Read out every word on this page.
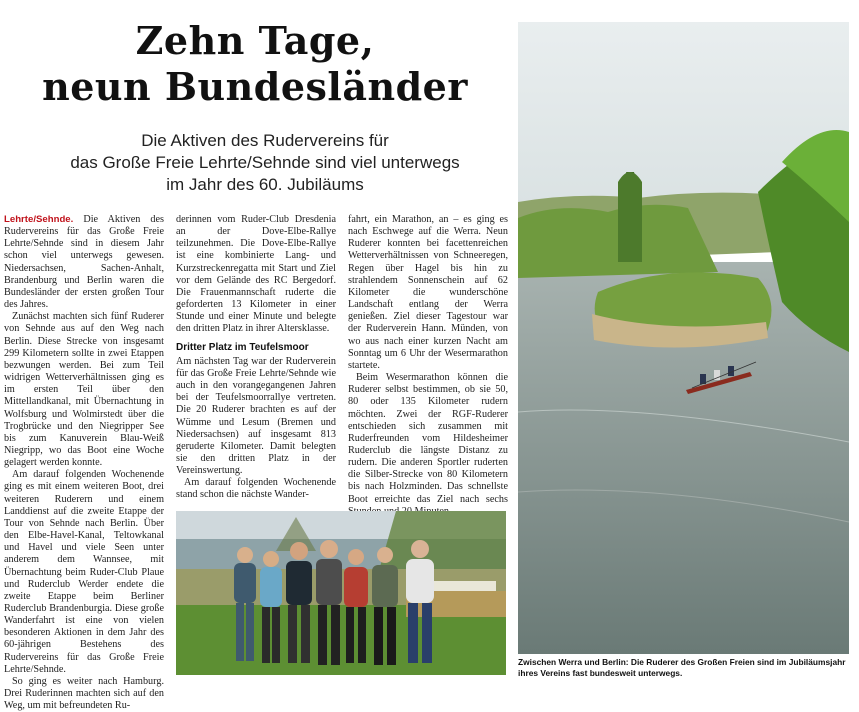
Zehn Tage,
neun Bundesländer
Die Aktiven des Rudervereins für
das Große Freie Lehrte/Sehnde sind viel unterwegs
im Jahr des 60. Jubiläums

Lehrte/Sehnde. Die Aktiven des Rudervereins für das Große Freie Lehrte/Sehnde sind in diesem Jahr schon viel unterwegs gewesen. Niedersachsen, Sachen-Anhalt, Brandenburg und Berlin waren die Bundesländer der ersten großen Tour des Jahres.

Zunächst machten sich fünf Ruderer von Sehnde aus auf den Weg nach Berlin. Diese Strecke von insgesamt 299 Kilometern sollte in zwei Etappen bezwungen werden. Bei zum Teil widrigen Wetterverhältnissen ging es im ersten Teil über den Mittellandkanal, mit Übernachtung in Wolfsburg und Wolmirstedt über die Trogbrücke und den Niegripper See bis zum Kanuverein Blau-Weiß Niegripp, wo das Boot eine Woche gelagert werden konnte.

Am darauf folgenden Wochenende ging es mit einem weiteren Boot, drei weiteren Ruderern und einem Landdienst auf die zweite Etappe der Tour von Sehnde nach Berlin. Über den Elbe-Havel-Kanal, Teltowkanal und Havel und viele Seen unter anderem dem Wannsee, mit Übernachtung beim Ruder-Club Plaue und Ruderclub Werder endete die zweite Etappe beim Berliner Ruderclub Brandenburgia. Diese große Wanderfahrt ist eine von vielen besonderen Aktionen in dem Jahr des 60-jährigen Bestehens des Rudervereins für das Große Freie Lehrte/Sehnde.

So ging es weiter nach Hamburg. Drei Ruderinnen machten sich auf den Weg, um mit befreundeten Ru-

derinnen vom Ruder-Club Dresdenia an der Dove-Elbe-Rallye teilzunehmen. Die Dove-Elbe-Rallye ist eine kombinierte Lang- und Kurzstreckenregatta mit Start und Ziel vor dem Gelände des RC Bergedorf. Die Frauenmannschaft ruderte die geforderten 13 Kilometer in einer Stunde und einer Minute und belegte den dritten Platz in ihrer Altersklasse.

Dritter Platz im Teufelsmoor

Am nächsten Tag war der Ruderverein für das Große Freie Lehrte/Sehnde wie auch in den vorangegangenen Jahren bei der Teufelsmoorrallye vertreten. Die 20 Ruderer brachten es auf der Wümme und Lesum (Bremen und Niedersachsen) auf insgesamt 813 geruderte Kilometer. Damit belegten sie den dritten Platz in der Vereinswertung.

Am darauf folgenden Wochenende stand schon die nächste Wander-

fahrt, ein Marathon, an – es ging es nach Eschwege auf die Werra. Neun Ruderer konnten bei facettenreichen Wetterverhältnissen von Schneeregen, Regen über Hagel bis hin zu strahlendem Sonnenschein auf 62 Kilometer die wunderschöne Landschaft entlang der Werra genießen. Ziel dieser Tagestour war der Ruderverein Hann. Münden, von wo aus nach einer kurzen Nacht am Sonntag um 6 Uhr der Wesermarathon startete.

Beim Wesermarathon können die Ruderer selbst bestimmen, ob sie 50, 80 oder 135 Kilometer rudern möchten. Zwei der RGF-Ruderer entschieden sich zusammen mit Ruderfreunden vom Hildesheimer Ruderclub die längste Distanz zu rudern. Die anderen Sportler ruderten die Silber-Strecke von 80 Kilometern bis nach Holzminden. Das schnellste Boot erreichte das Ziel nach sechs

Zwischen Werra und Berlin: Die Ruderer des Großen Freien sind im Jubiläumsjahr ihres Vereins fast bundesweit unterwegs.
